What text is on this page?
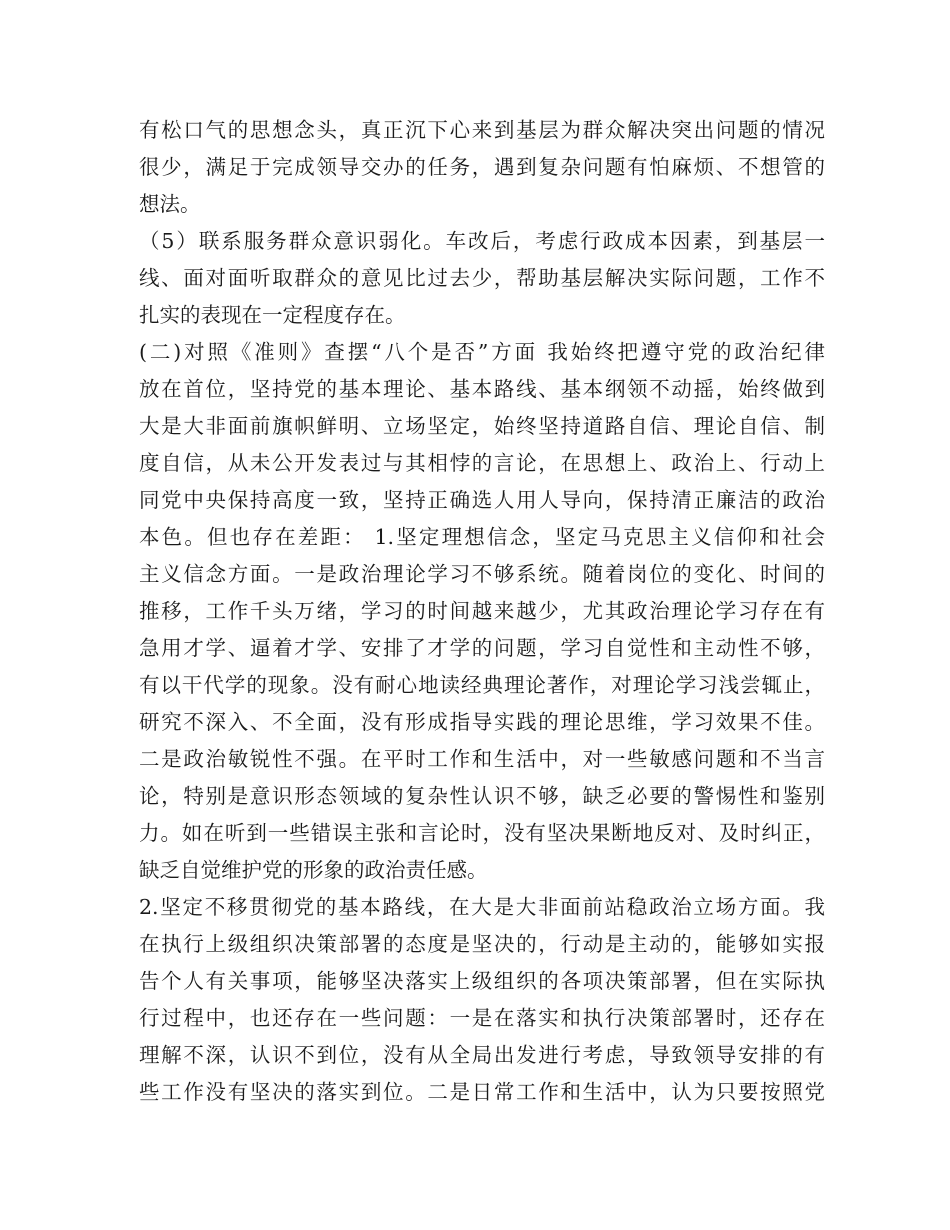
有松口气的思想念头，真正沉下心来到基层为群众解决突出问题的情况
很少，满足于完成领导交办的任务，遇到复杂问题有怕麻烦、不想管的
想法。
（5）联系服务群众意识弱化。车改后，考虑行政成本因素，到基层一
线、面对面听取群众的意见比过去少，帮助基层解决实际问题，工作不
扎实的表现在一定程度存在。
(二)对照《准则》查摆“八个是否”方面 我始终把遵守党的政治纪律
放在首位，坚持党的基本理论、基本路线、基本纲领不动摇，始终做到
大是大非面前旗帜鲜明、立场坚定，始终坚持道路自信、理论自信、制
度自信，从未公开发表过与其相悖的言论，在思想上、政治上、行动上
同党中央保持高度一致，坚持正确选人用人导向，保持清正廉洁的政治
本色。但也存在差距： 1.坚定理想信念，坚定马克思主义信仰和社会
主义信念方面。一是政治理论学习不够系统。随着岗位的变化、时间的
推移，工作千头万绪，学习的时间越来越少，尤其政治理论学习存在有
急用才学、逼着才学、安排了才学的问题，学习自觉性和主动性不够，
有以干代学的现象。没有耐心地读经典理论著作，对理论学习浅尝辄止，
研究不深入、不全面，没有形成指导实践的理论思维，学习效果不佳。
二是政治敏锐性不强。在平时工作和生活中，对一些敏感问题和不当言
论，特别是意识形态领域的复杂性认识不够，缺乏必要的警惕性和鉴别
力。如在听到一些错误主张和言论时，没有坚决果断地反对、及时纠正，
缺乏自觉维护党的形象的政治责任感。
2.坚定不移贯彻党的基本路线，在大是大非面前站稳政治立场方面。我
在执行上级组织决策部署的态度是坚决的，行动是主动的，能够如实报
告个人有关事项，能够坚决落实上级组织的各项决策部署，但在实际执
行过程中，也还存在一些问题：一是在落实和执行决策部署时，还存在
理解不深，认识不到位，没有从全局出发进行考虑，导致领导安排的有
些工作没有坚决的落实到位。二是日常工作和生活中，认为只要按照党
